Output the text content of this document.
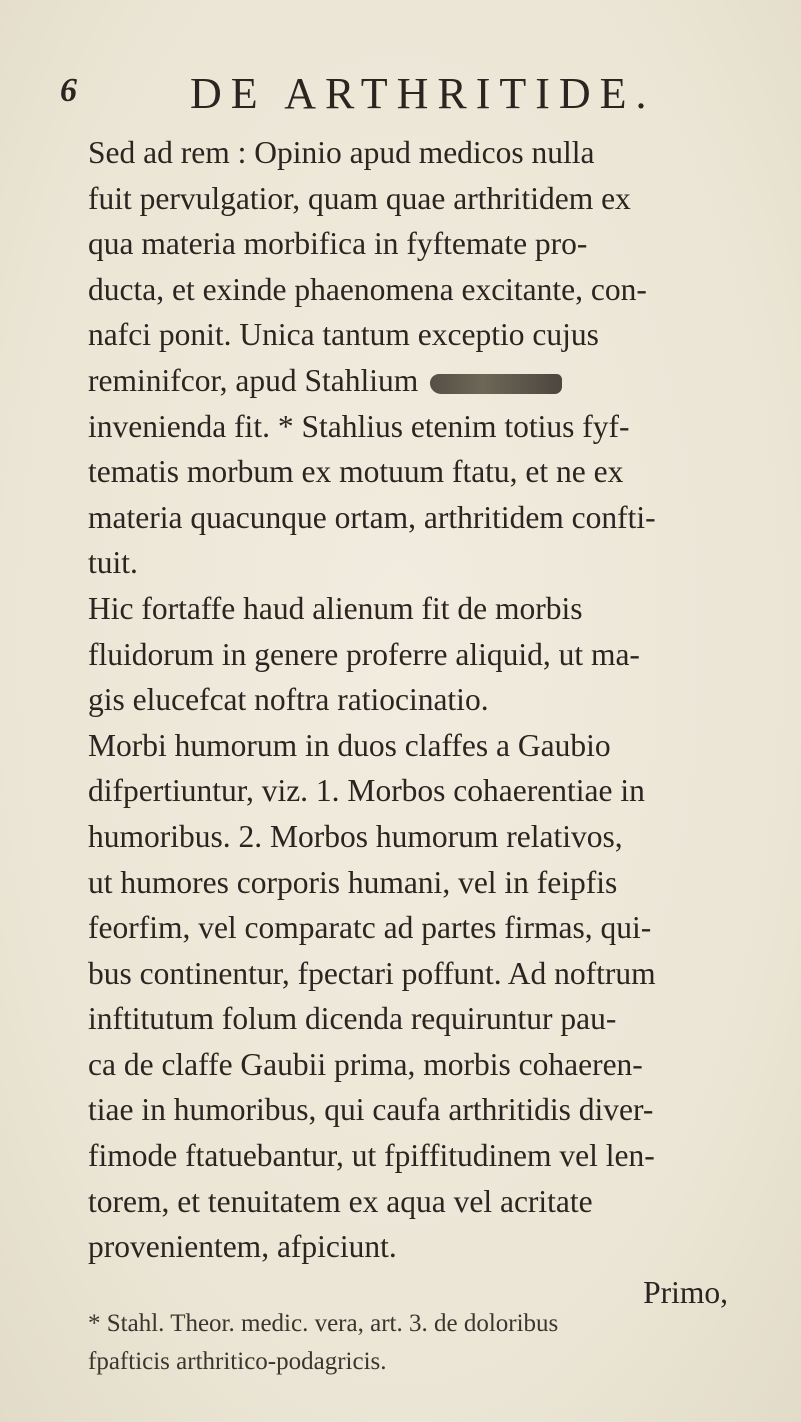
6	DE ARTHRITIDE.
Sed ad rem : Opinio apud medicos nulla
fuit pervulgatior, quam quae arthritidem ex
qua materia morbifica in fyftemate pro-
ducta, et exinde phaenomena excitante, con-
nafci ponit. Unica tantum exceptio cujus
reminifcor, apud Stahlium
invenienda fit. * Stahlius etenim totius fyf-
tematis morbum ex motuum ftatu, et ne ex
materia quacunque ortam, arthritidem confti-
tuit.
Hic fortaffe haud alienum fit de morbis
fluidorum in genere proferre aliquid, ut ma-
gis elucefcat noftra ratiocinatio.
Morbi humorum in duos claffes a Gaubio
difpertiuntur, viz. 1. Morbos cohaerentiae in
humoribus. 2. Morbos humorum relativos,
ut humores corporis humani, vel in feipfis
feorfim, vel comparatc ad partes firmas, qui-
bus continentur, fpectari poffunt. Ad noftrum
inftitutum folum dicenda requiruntur pau-
ca de claffe Gaubii prima, morbis cohaeren-
tiae in humoribus, qui caufa arthritidis diver-
fimode ftatuebantur, ut fpiffitudinem vel len-
torem, et tenuitatem ex aqua vel acritate
provenientem, afpiciunt.
Primo,
* Stahl. Theor. medic. vera, art. 3. de doloribus
fpafticis arthritico-podagricis.
